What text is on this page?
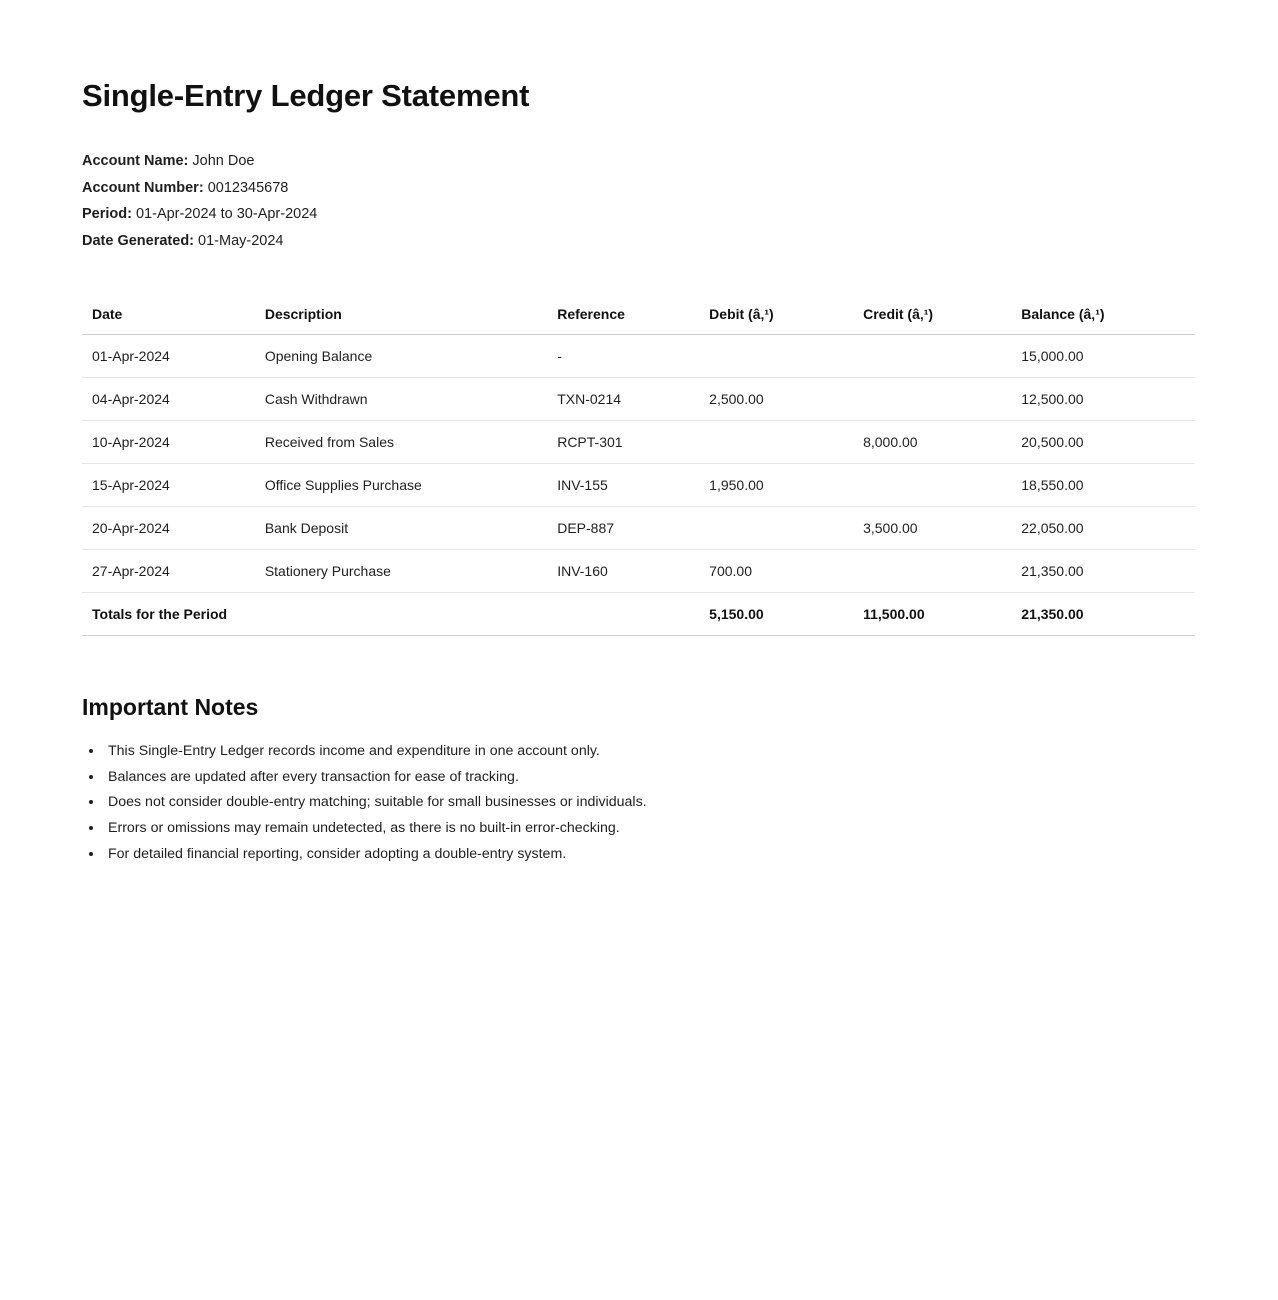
Single-Entry Ledger Statement
Account Name: John Doe
Account Number: 0012345678
Period: 01-Apr-2024 to 30-Apr-2024
Date Generated: 01-May-2024
Date	Description	Reference	Debit (â‚¹)	Credit (â‚¹)	Balance (â‚¹)
01-Apr-2024	Opening Balance	-			15,000.00
04-Apr-2024	Cash Withdrawn	TXN-0214	2,500.00		12,500.00
10-Apr-2024	Received from Sales	RCPT-301		8,000.00	20,500.00
15-Apr-2024	Office Supplies Purchase	INV-155	1,950.00		18,550.00
20-Apr-2024	Bank Deposit	DEP-887		3,500.00	22,050.00
27-Apr-2024	Stationery Purchase	INV-160	700.00		21,350.00
Totals for the Period			5,150.00	11,500.00	21,350.00
Important Notes
• This Single-Entry Ledger records income and expenditure in one account only.
• Balances are updated after every transaction for ease of tracking.
• Does not consider double-entry matching; suitable for small businesses or individuals.
• Errors or omissions may remain undetected, as there is no built-in error-checking.
• For detailed financial reporting, consider adopting a double-entry system.
